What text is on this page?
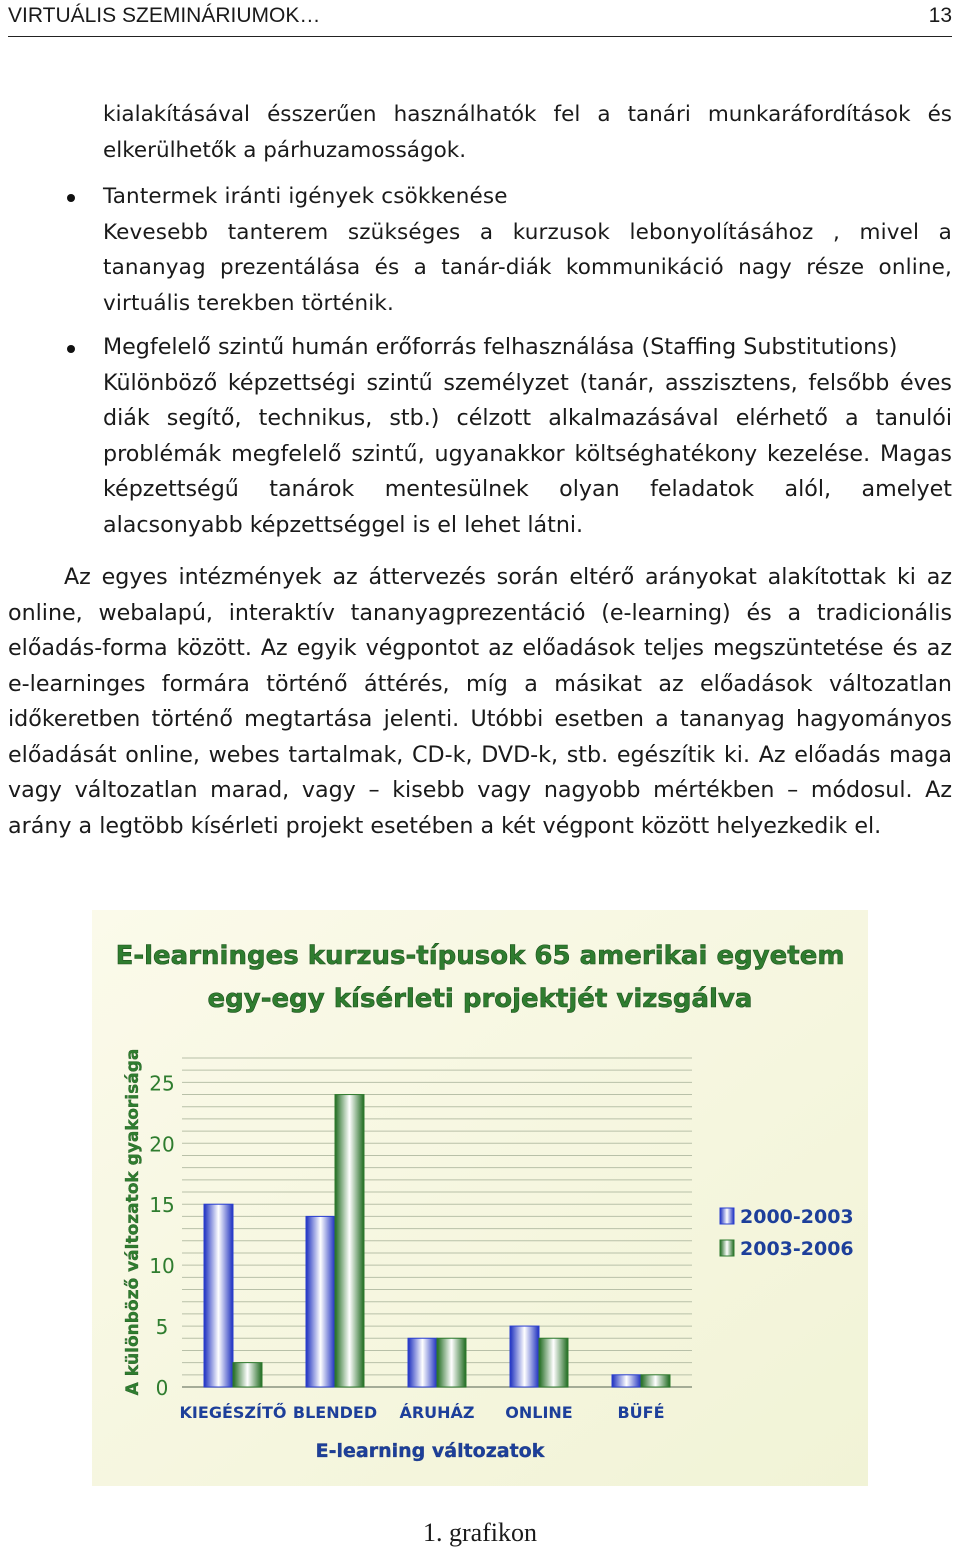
VIRTUÁLIS SZEMINÁRIUMOK…	13

kialakításával ésszerűen használhatók fel a tanári munkaráfordítások és elkerülhetők a párhuzamosságok.

Tantermek iránti igények csökkenése
Kevesebb tanterem szükséges a kurzusok lebonyolításához , mivel a tananyag prezentálása és a tanár-diák kommunikáció nagy része online, virtuális terekben történik.

Megfelelő szintű humán erőforrás felhasználása (Staffing Substitutions)
Különböző képzettségi szintű személyzet (tanár, asszisztens, felsőbb éves diák segítő, technikus, stb.) célzott alkalmazásával elérhető a tanulói problémák megfelelő szintű, ugyanakkor költséghatékony kezelése. Magas képzettségű tanárok mentesülnek olyan feladatok alól, amelyet alacsonyabb képzettséggel is el lehet látni.

Az egyes intézmények az áttervezés során eltérő arányokat alakítottak ki az online, webalapú, interaktív tananyagprezentáció (e-learning) és a tradicionális előadás-forma között. Az egyik végpontot az előadások teljes megszüntetése és az e-learninges formára történő áttérés, míg a másikat az előadások változatlan időkeretben történő megtartása jelenti. Utóbbi esetben a tananyag hagyományos előadását online, webes tartalmak, CD-k, DVD-k, stb. egészítik ki. Az előadás maga vagy változatlan marad, vagy – kisebb vagy nagyobb mértékben – módosul. Az arány a legtöbb kísérleti projekt esetében a két végpont között helyezkedik el.

E-learninges kurzus-típusok 65 amerikai egyetem
egy-egy kísérleti projektjét vizsgálva
0
5
10
15
20
25
A különböző változatok gyakorisága
KIEGÉSZÍTŐ BLENDED ÁRUHÁZ ONLINE	BÜFÉ
E-learning változatok
2000-2003
2003-2006
1. grafikon
